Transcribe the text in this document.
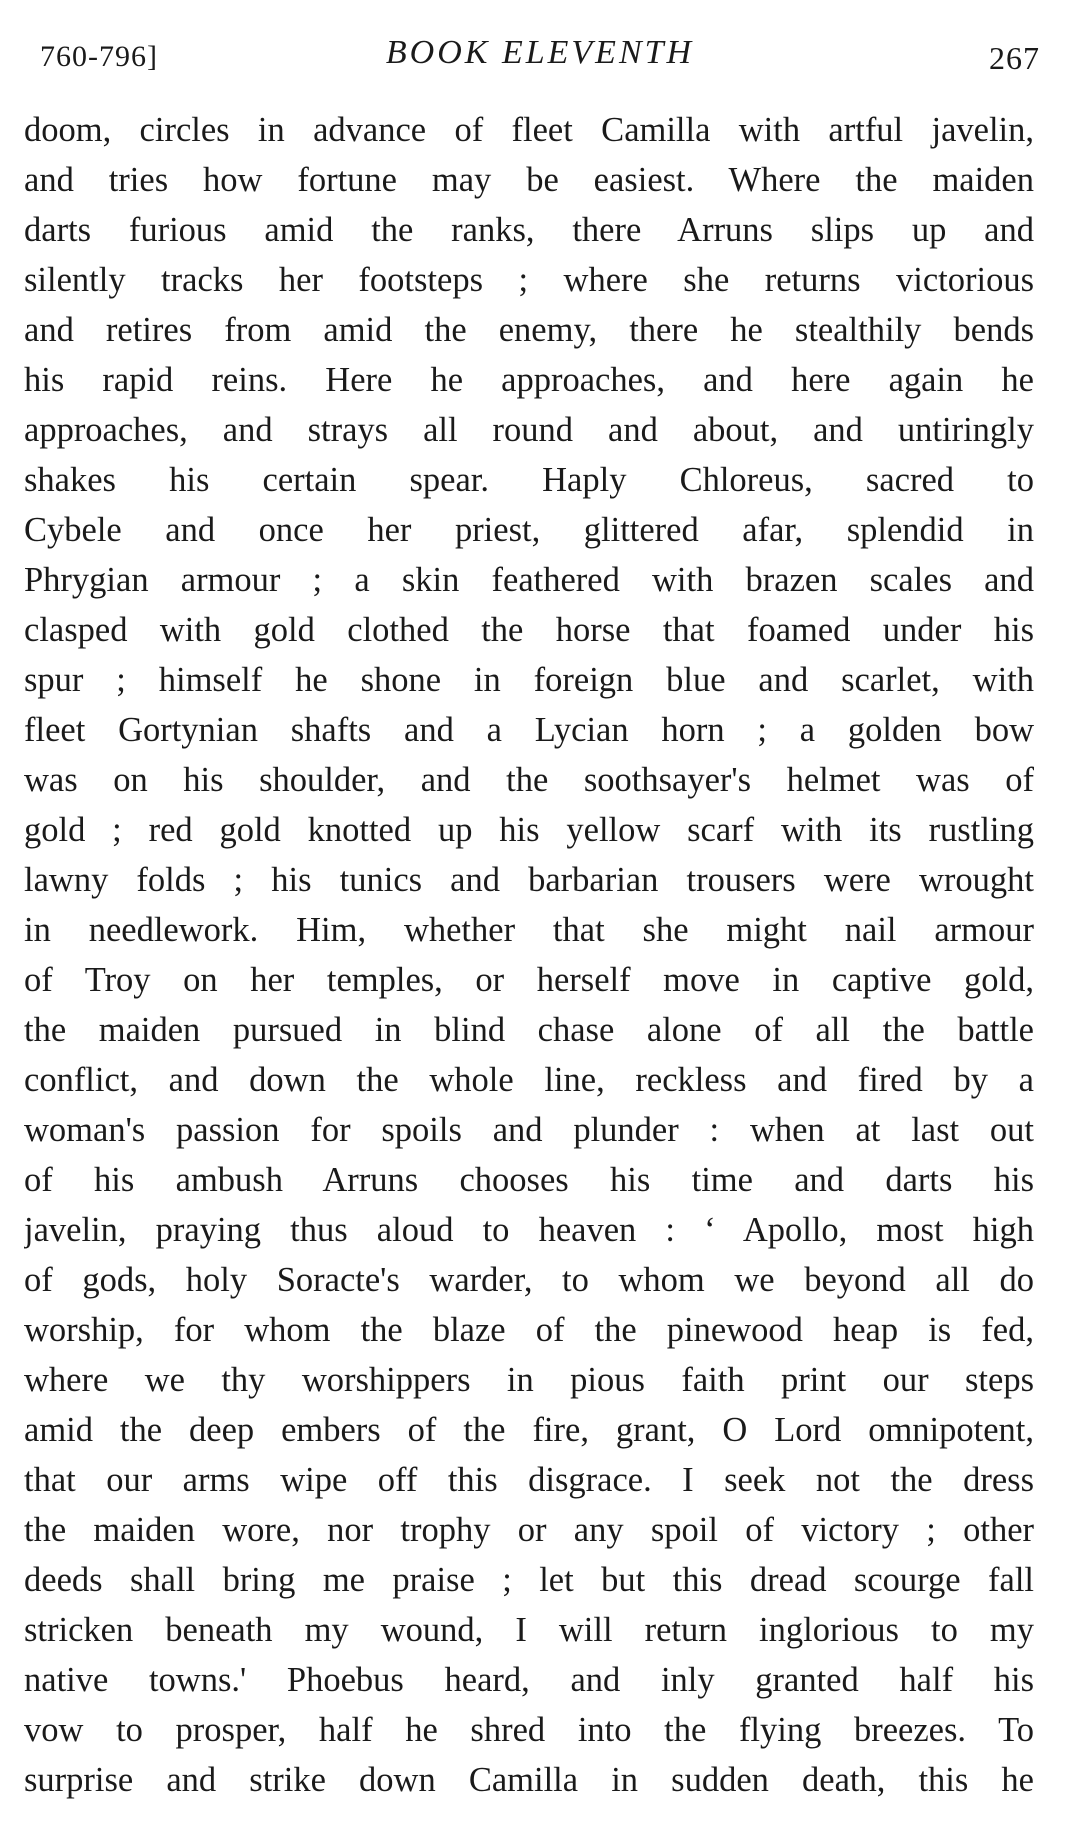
760-796]	BOOK ELEVENTH	267
doom, circles in advance of fleet Camilla with artful javelin,
and tries how fortune may be easiest. Where the maiden
darts furious amid the ranks, there Arruns slips up and
silently tracks her footsteps ; where she returns victorious
and retires from amid the enemy, there he stealthily bends
his rapid reins. Here he approaches, and here again he
approaches, and strays all round and about, and untiringly
shakes his certain spear. Haply Chloreus, sacred to
Cybele and once her priest, glittered afar, splendid in
Phrygian armour ; a skin feathered with brazen scales and
clasped with gold clothed the horse that foamed under his
spur ; himself he shone in foreign blue and scarlet, with
fleet Gortynian shafts and a Lycian horn ; a golden bow
was on his shoulder, and the soothsayer's helmet was of
gold ; red gold knotted up his yellow scarf with its rustling
lawny folds ; his tunics and barbarian trousers were wrought
in needlework. Him, whether that she might nail armour
of Troy on her temples, or herself move in captive gold,
the maiden pursued in blind chase alone of all the battle
conflict, and down the whole line, reckless and fired by a
woman's passion for spoils and plunder : when at last out
of his ambush Arruns chooses his time and darts his
javelin, praying thus aloud to heaven : ‘ Apollo, most high
of gods, holy Soracte's warder, to whom we beyond all do
worship, for whom the blaze of the pinewood heap is fed,
where we thy worshippers in pious faith print our steps
amid the deep embers of the fire, grant, O Lord omnipotent,
that our arms wipe off this disgrace. I seek not the dress
the maiden wore, nor trophy or any spoil of victory ; other
deeds shall bring me praise ; let but this dread scourge fall
stricken beneath my wound, I will return inglorious to my
native towns.' Phoebus heard, and inly granted half his
vow to prosper, half he shred into the flying breezes. To
surprise and strike down Camilla in sudden death, this he
